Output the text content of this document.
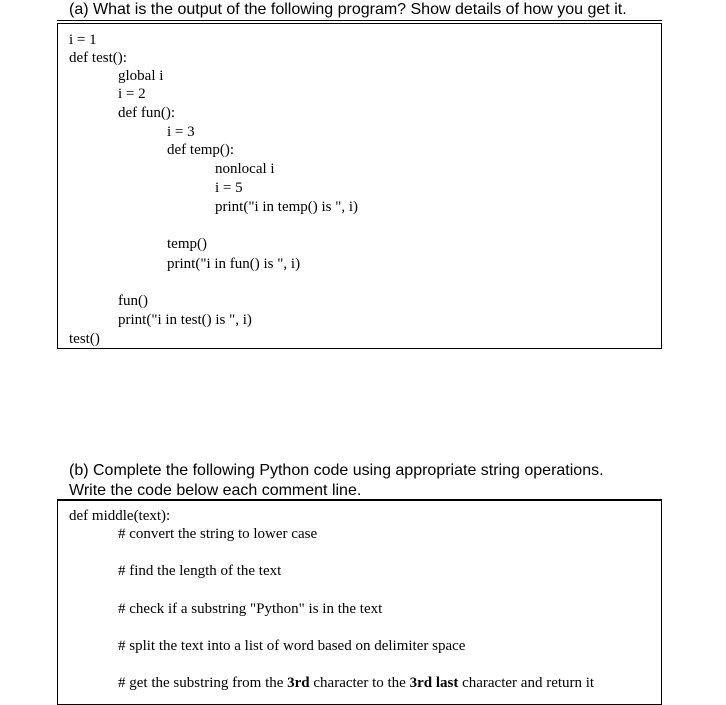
(a) What is the output of the following program? Show details of how you get it.
i = 1
def test():
global i
i = 2
def fun():
i = 3
def temp():
nonlocal i
i = 5
print("i in temp() is ", i)
temp()
print("i in fun() is ", i)
fun()
print("i in test() is ", i)
test()
(b) Complete the following Python code using appropriate string operations.
Write the code below each comment line.
def middle(text):
# convert the string to lower case
# find the length of the text
# check if a substring "Python" is in the text
# split the text into a list of word based on delimiter space
# get the substring from the 3rd character to the 3rd last character and return it
